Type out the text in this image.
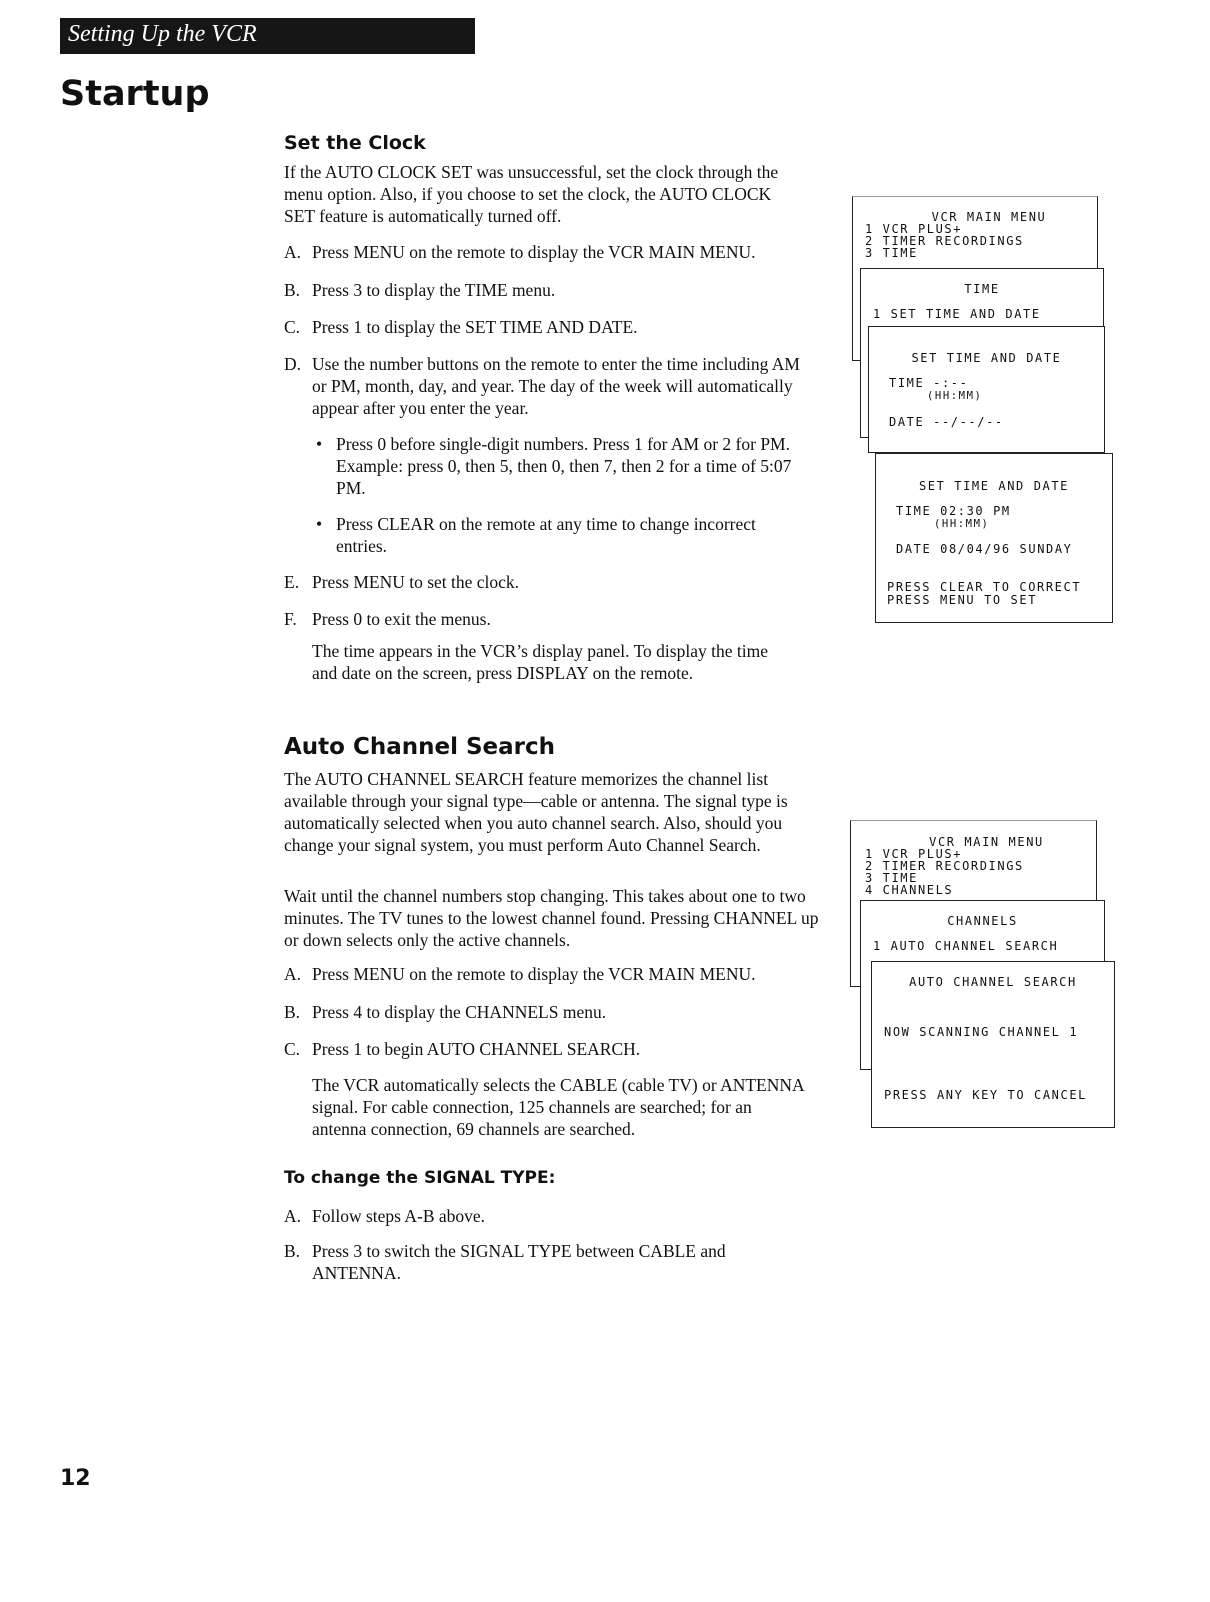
Setting Up the VCR
Startup
Set the Clock

If the AUTO CLOCK SET was unsuccessful, set the clock through the menu option. Also, if you choose to set the clock, the AUTO CLOCK SET feature is automatically turned off.

A. Press MENU on the remote to display the VCR MAIN MENU.
B. Press 3 to display the TIME menu.
C. Press 1 to display the SET TIME AND DATE.
D. Use the number buttons on the remote to enter the time including AM or PM, month, day, and year. The day of the week will automatically appear after you enter the year.
• Press 0 before single-digit numbers. Press 1 for AM or 2 for PM. Example: press 0, then 5, then 0, then 7, then 2 for a time of 5:07 PM.
• Press CLEAR on the remote at any time to change incorrect entries.
E. Press MENU to set the clock.
F. Press 0 to exit the menus.

The time appears in the VCR’s display panel. To display the time and date on the screen, press DISPLAY on the remote.

VCR MAIN MENU
1 VCR PLUS+
2 TIMER RECORDINGS
3 TIME
TIME
1 SET TIME AND DATE
SET TIME AND DATE
TIME -:--
(HH:MM)
DATE --/--/--
SET TIME AND DATE
TIME 02:30 PM
(HH:MM)
DATE 08/04/96 SUNDAY
PRESS CLEAR TO CORRECT
PRESS MENU TO SET
Auto Channel Search

The AUTO CHANNEL SEARCH feature memorizes the channel list available through your signal type—cable or antenna. The signal type is automatically selected when you auto channel search. Also, should you change your signal system, you must perform Auto Channel Search.

Wait until the channel numbers stop changing. This takes about one to two minutes. The TV tunes to the lowest channel found. Pressing CHANNEL up or down selects only the active channels.

A. Press MENU on the remote to display the VCR MAIN MENU.
B. Press 4 to display the CHANNELS menu.
C. Press 1 to begin AUTO CHANNEL SEARCH.

The VCR automatically selects the CABLE (cable TV) or ANTENNA signal. For cable connection, 125 channels are searched; for an antenna connection, 69 channels are searched.

VCR MAIN MENU
1 VCR PLUS+
2 TIMER RECORDINGS
3 TIME
4 CHANNELS
CHANNELS
1 AUTO CHANNEL SEARCH
AUTO CHANNEL SEARCH
NOW SCANNING CHANNEL 1
PRESS ANY KEY TO CANCEL
To change the SIGNAL TYPE:
A. Follow steps A-B above.
B. Press 3 to switch the SIGNAL TYPE between CABLE and ANTENNA.
12
